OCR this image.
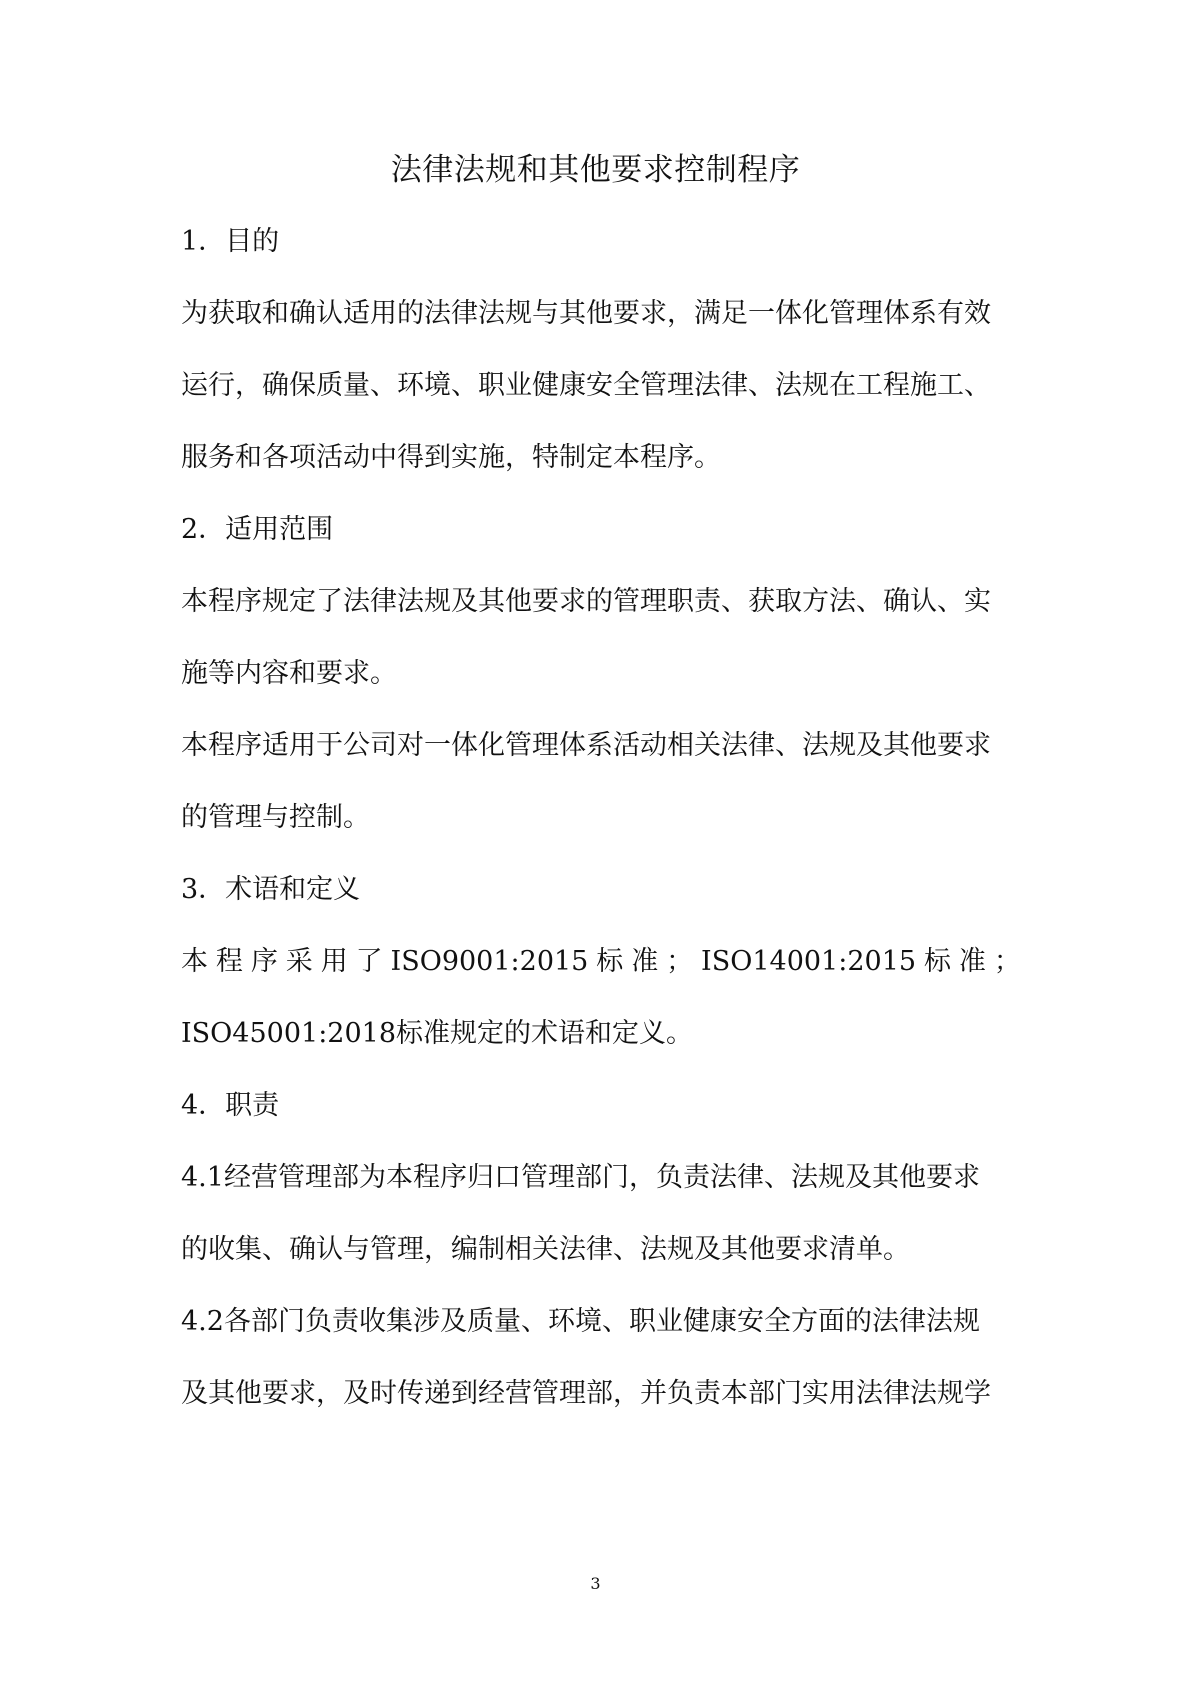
法律法规和其他要求控制程序
1．目的
为获取和确认适用的法律法规与其他要求，满足一体化管理体系有效
运行，确保质量、环境、职业健康安全管理法律、法规在工程施工、
服务和各项活动中得到实施，特制定本程序。
2．适用范围
本程序规定了法律法规及其他要求的管理职责、获取方法、确认、实
施等内容和要求。
本程序适用于公司对一体化管理体系活动相关法律、法规及其他要求
的管理与控制。
3．术语和定义
本 程 序 采 用 了 ISO9001:2015 标 准 ； ISO14001:2015 标 准 ；
ISO45001:2018标准规定的术语和定义。
4．职责
4.1经营管理部为本程序归口管理部门，负责法律、法规及其他要求
的收集、确认与管理，编制相关法律、法规及其他要求清单。
4.2各部门负责收集涉及质量、环境、职业健康安全方面的法律法规
及其他要求，及时传递到经营管理部，并负责本部门实用法律法规学
3
